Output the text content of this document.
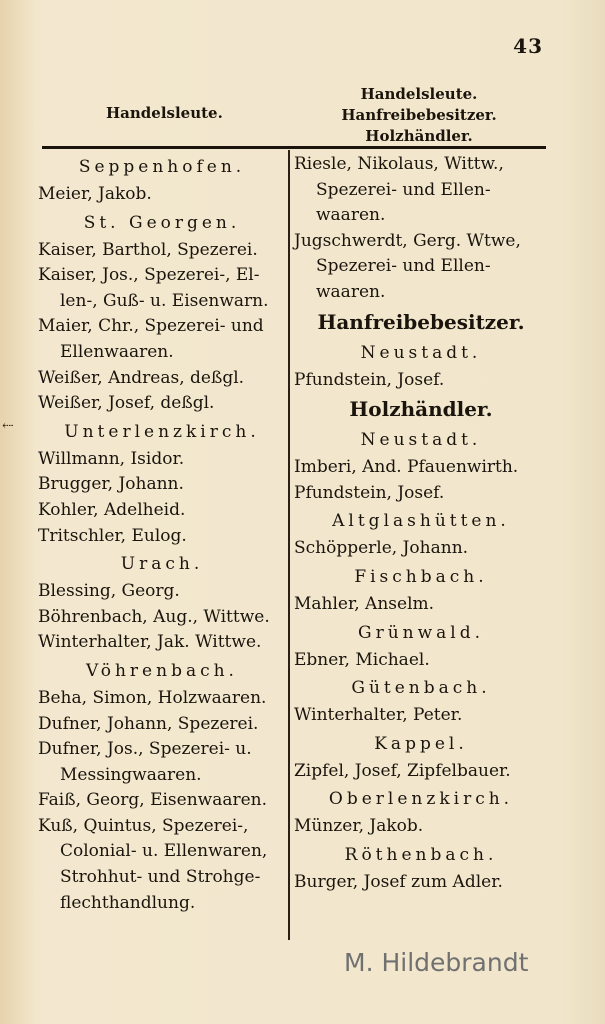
43
Handelsleute.
Handelsleute. Hanfreibebesitzer.
Holzhändler.
⇠
Seppenhofen.
Meier, Jakob.
St. Georgen.
Kaiser, Barthol, Spezerei.
Kaiser, Jos., Spezerei-, El-
len-, Guß- u. Eisenwarn.
Maier, Chr., Spezerei- und
Ellenwaaren.
Weißer, Andreas, deßgl.
Weißer, Josef, deßgl.
Unterlenzkirch.
Willmann, Isidor.
Brugger, Johann.
Kohler, Adelheid.
Tritschler, Eulog.
Urach.
Blessing, Georg.
Böhrenbach, Aug., Wittwe.
Winterhalter, Jak. Wittwe.
Vöhrenbach.
Beha, Simon, Holzwaaren.
Dufner, Johann, Spezerei.
Dufner, Jos., Spezerei- u.
Messingwaaren.
Faiß, Georg, Eisenwaaren.
Kuß, Quintus, Spezerei-,
Colonial- u. Ellenwaren,
Strohhut- und Strohge-
flechthandlung.
Riesle, Nikolaus, Wittw.,
Spezerei- und Ellen-
waaren.
Jugschwerdt, Gerg. Wtwe,
Spezerei- und Ellen-
waaren.
Hanfreibebesitzer.
Neustadt.
Pfundstein, Josef.
Holzhändler.
Neustadt.
Imberi, And. Pfauenwirth.
Pfundstein, Josef.
Altglashütten.
Schöpperle, Johann.
Fischbach.
Mahler, Anselm.
Grünwald.
Ebner, Michael.
Gütenbach.
Winterhalter, Peter.
Kappel.
Zipfel, Josef, Zipfelbauer.
Oberlenzkirch.
Münzer, Jakob.
Röthenbach.
Burger, Josef zum Adler.
M. Hildebrandt
